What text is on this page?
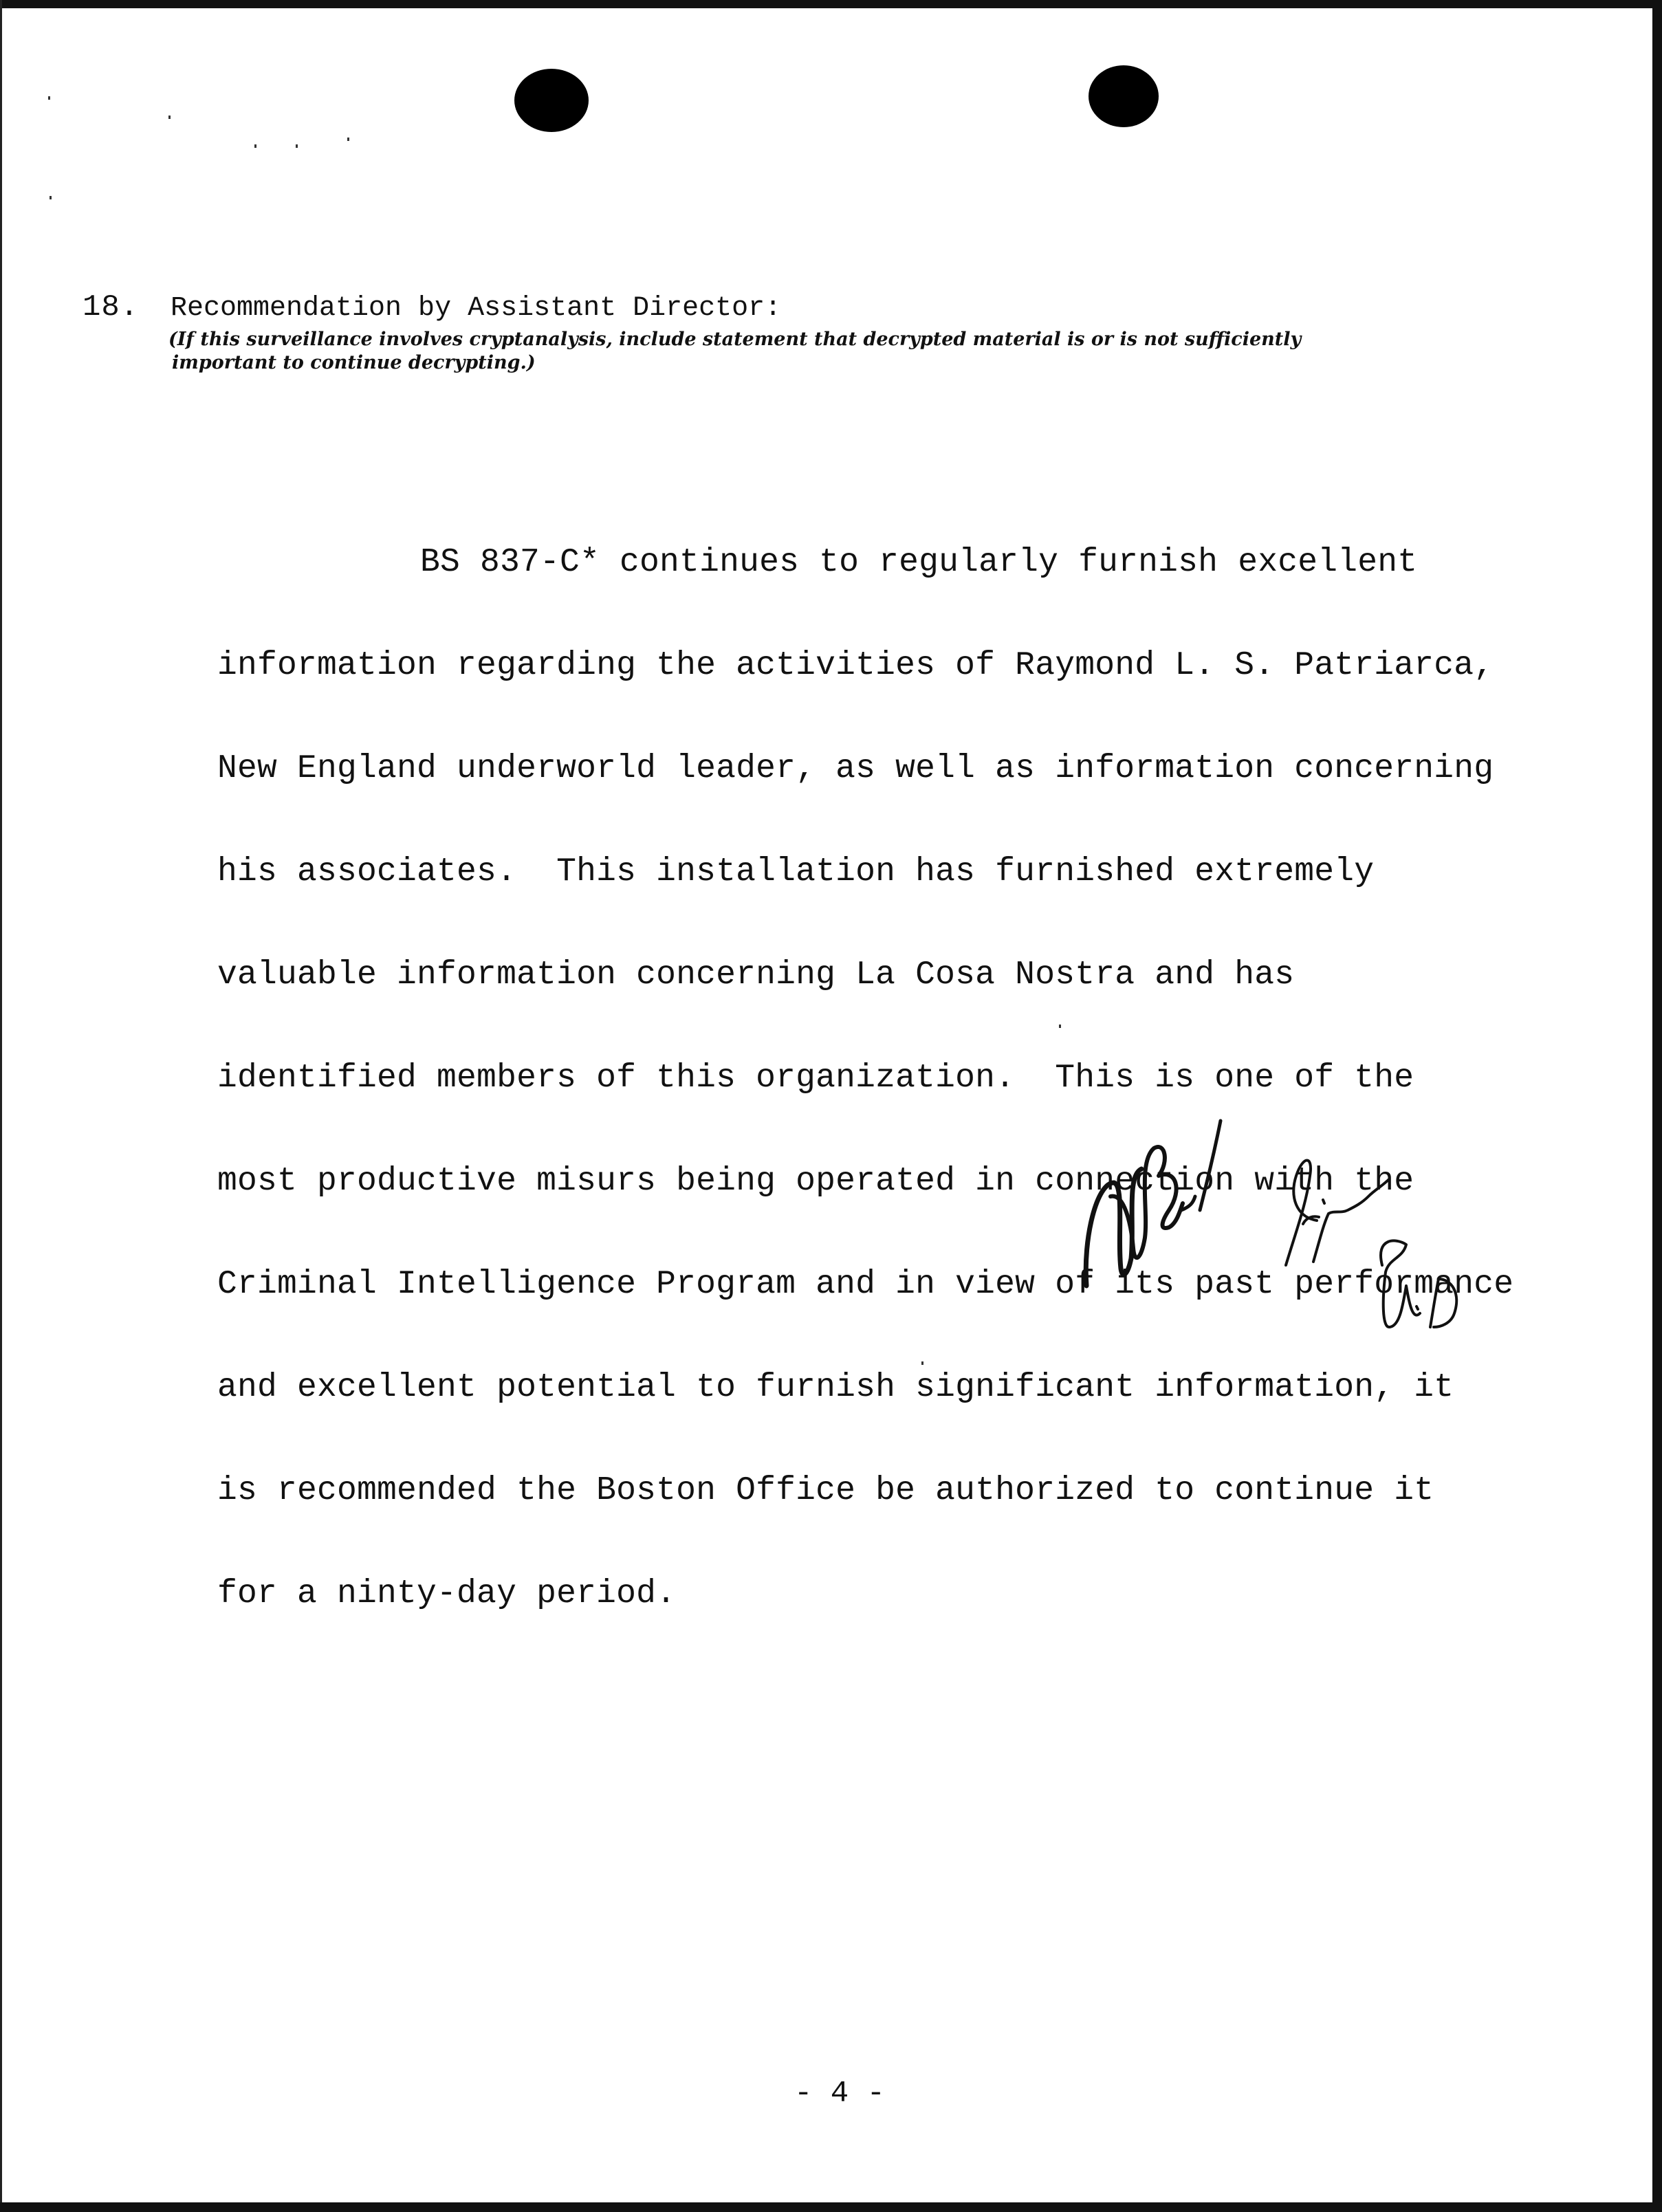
18. Recommendation by Assistant Director:
(If this surveillance involves cryptanalysis, include statement that decrypted material is or is not sufficiently
important to continue decrypting.)

BS 837-C* continues to regularly furnish excellent

information regarding the activities of Raymond L. S. Patriarca,

New England underworld leader, as well as information concerning

his associates.  This installation has furnished extremely

valuable information concerning La Cosa Nostra and has

identified members of this organization.  This is one of the

most productive misurs being operated in connection with the

Criminal Intelligence Program and in view of its past performance

and excellent potential to furnish significant information, it

is recommended the Boston Office be authorized to continue it

for a ninty-day period.

- 4 -
